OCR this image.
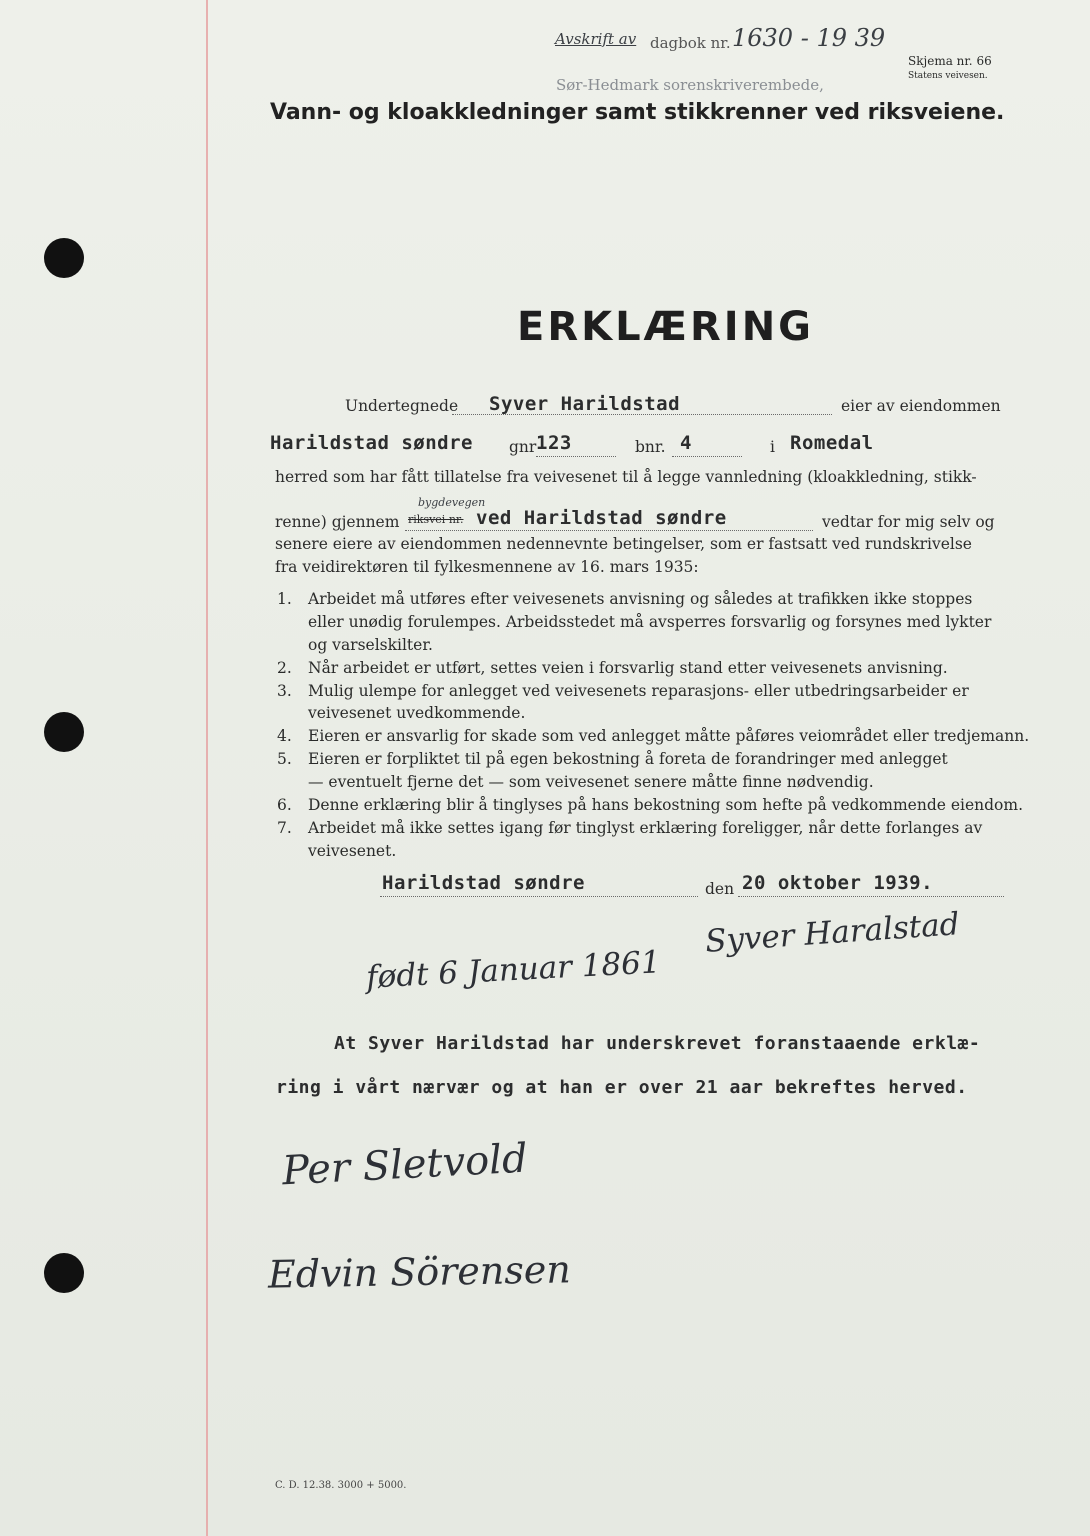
Avskrift av dagbok nr. 1630 - 19 39
Sør-Hedmark sorenskriverembede,
Skjema nr. 66
Statens veivesen.
Vann- og kloakkledninger samt stikkrenner ved riksveiene.
ERKLÆRING
Undertegnede Syver Harildstad	eier av eiendommen
Harildstad søndre gnr 123	bnr. 4	i Romedal
herred som har fått tillatelse fra veivesenet til å legge vannledning (kloakkledning, stikk-
renne) gjennem
bygdevegen
riksvei nr. ved Harildstad søndre	vedtar for mig selv og
senere eiere av eiendommen nedennevnte betingelser, som er fastsatt ved rundskrivelse
fra veidirektøren til fylkesmennene av 16. mars 1935:
1. Arbeidet må utføres efter veivesenets anvisning og således at trafikken ikke stoppes
eller unødig forulempes. Arbeidsstedet må avsperres forsvarlig og forsynes med lykter
og varselskilter.
2. Når arbeidet er utført, settes veien i forsvarlig stand etter veivesenets anvisning.
3. Mulig ulempe for anlegget ved veivesenets reparasjons- eller utbedringsarbeider er
veivesenet uvedkommende.
4. Eieren er ansvarlig for skade som ved anlegget måtte påføres veiområdet eller tredjemann.
5. Eieren er forpliktet til på egen bekostning å foreta de forandringer med anlegget
— eventuelt fjerne det — som veivesenet senere måtte finne nødvendig.
6. Denne erklæring blir å tinglyses på hans bekostning som hefte på vedkommende eiendom.
7. Arbeidet må ikke settes igang før tinglyst erklæring foreligger, når dette forlanges av
veivesenet.
Harildstad søndre	den 20 oktober 1939.
Syver Haralstad
født 6 Januar 1861
At Syver Harildstad har underskrevet foranstaaende erklæ-
ring i vårt nærvær og at han er over 21 aar bekreftes herved.
Per Sletvold
Edvin Sörensen
C. D. 12.38. 3000 + 5000.
